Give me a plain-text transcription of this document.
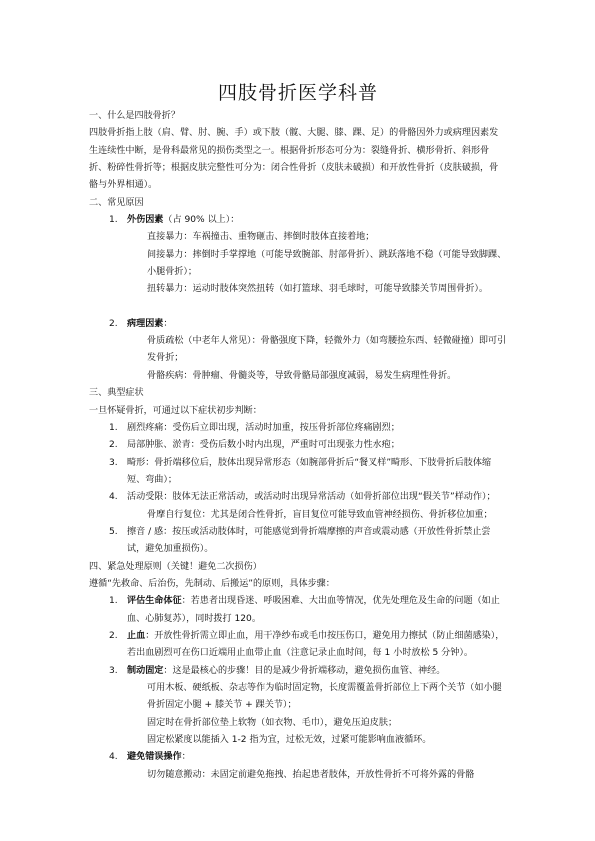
四肢骨折医学科普

一、什么是四肢骨折？

四肢骨折指上肢（肩、臂、肘、腕、手）或下肢（髋、大腿、膝、踝、足）的骨骼因外力或病理因素发生连续性中断，是骨科最常见的损伤类型之一。根据骨折形态可分为：裂缝骨折、横形骨折、斜形骨折、粉碎性骨折等；根据皮肤完整性可分为：闭合性骨折（皮肤未破损）和开放性骨折（皮肤破损，骨骼与外界相通）。

二、常见原因

1.	外伤因素（占 90% 以上）：

直接暴力：车祸撞击、重物砸击、摔倒时肢体直接着地；

间接暴力：摔倒时手掌撑地（可能导致腕部、肘部骨折）、跳跃落地不稳（可能导致脚踝、小腿骨折）；

扭转暴力：运动时肢体突然扭转（如打篮球、羽毛球时，可能导致膝关节周围骨折）。

2.	病理因素：

骨质疏松（中老年人常见）：骨骼强度下降，轻微外力（如弯腰捡东西、轻微碰撞）即可引发骨折；

骨骼疾病：骨肿瘤、骨髓炎等，导致骨骼局部强度减弱，易发生病理性骨折。

三、典型症状

一旦怀疑骨折，可通过以下症状初步判断：

1.	剧烈疼痛：受伤后立即出现，活动时加重，按压骨折部位疼痛剧烈；
2.	局部肿胀、淤青：受伤后数小时内出现，严重时可出现张力性水疱；
3.	畸形：骨折端移位后，肢体出现异常形态（如腕部骨折后“餐叉样”畸形、下肢骨折后肢体缩短、弯曲）；
4.	活动受限：肢体无法正常活动，或活动时出现异常活动（如骨折部位出现“假关节”样动作）；

骨摩自行复位：尤其是闭合性骨折，盲目复位可能导致血管神经损伤、骨折移位加重；

5.	擦音 / 感：按压或活动肢体时，可能感觉到骨折端摩擦的声音或震动感（开放性骨折禁止尝试，避免加重损伤）。

四、紧急处理原则（关键！避免二次损伤）

遵循“先救命、后治伤，先制动、后搬运”的原则，具体步骤：

1.	评估生命体征：若患者出现昏迷、呼吸困难、大出血等情况，优先处理危及生命的问题（如止血、心肺复苏），同时拨打 120。
2.	止血：开放性骨折需立即止血，用干净纱布或毛巾按压伤口，避免用力擦拭（防止细菌感染），若出血剧烈可在伤口近端用止血带止血（注意记录止血时间，每 1 小时放松 5 分钟）。
3.	制动固定：这是最核心的步骤！目的是减少骨折端移动，避免损伤血管、神经。

可用木板、硬纸板、杂志等作为临时固定物，长度需覆盖骨折部位上下两个关节（如小腿骨折固定小腿 + 膝关节 + 踝关节）；

固定时在骨折部位垫上软物（如衣物、毛巾），避免压迫皮肤；

固定松紧度以能插入 1-2 指为宜，过松无效，过紧可能影响血液循环。

4.	避免错误操作：

切勿随意搬动：未固定前避免拖拽、抬起患者肢体，开放性骨折不可将外露的骨骼
